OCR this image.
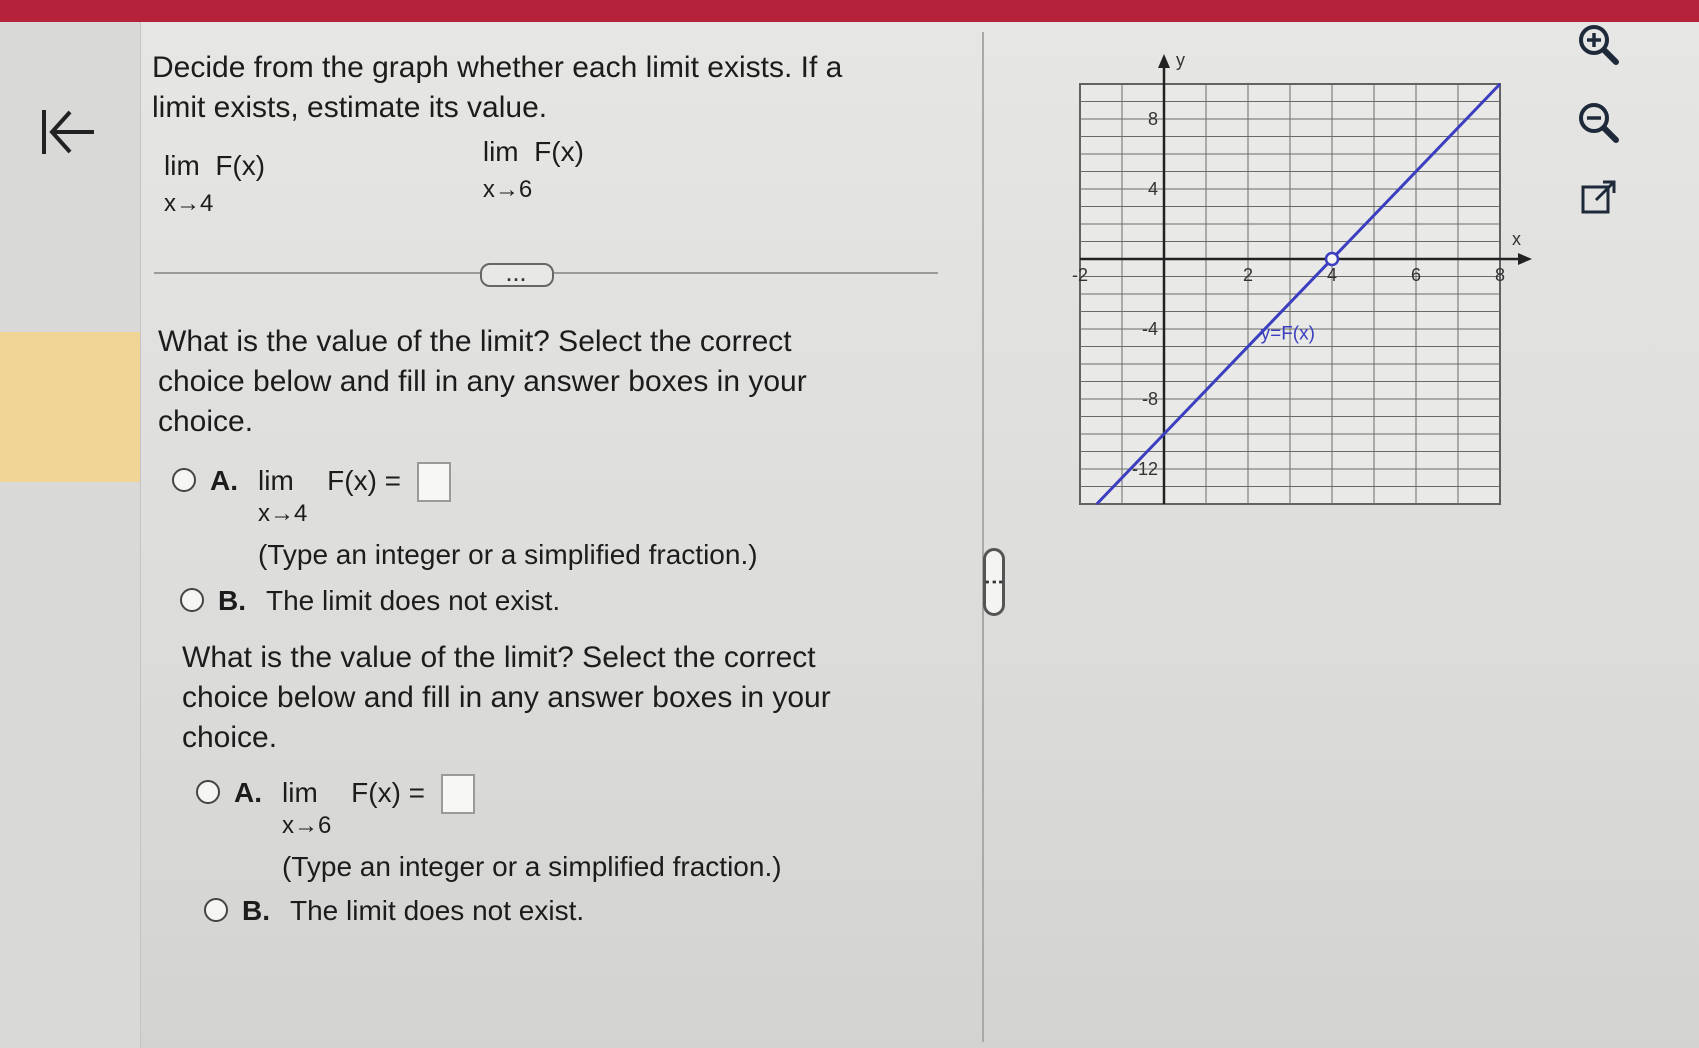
Decide from the graph whether each limit exists. If a limit exists, estimate its value.
lim  F(x)
x→4

lim  F(x)
x→6
...
What is the value of the limit? Select the correct choice below and fill in any answer boxes in your choice.
A. lim
x→4
F(x) =
(Type an integer or a simplified fraction.)
B. The limit does not exist.
What is the value of the limit? Select the correct choice below and fill in any answer boxes in your choice.
A. lim
x→6
F(x) =
(Type an integer or a simplified fraction.)
B. The limit does not exist.
⋮
-2	2	4	6	8
8
4
-4
-8
-12
y=F(x)
x
y
